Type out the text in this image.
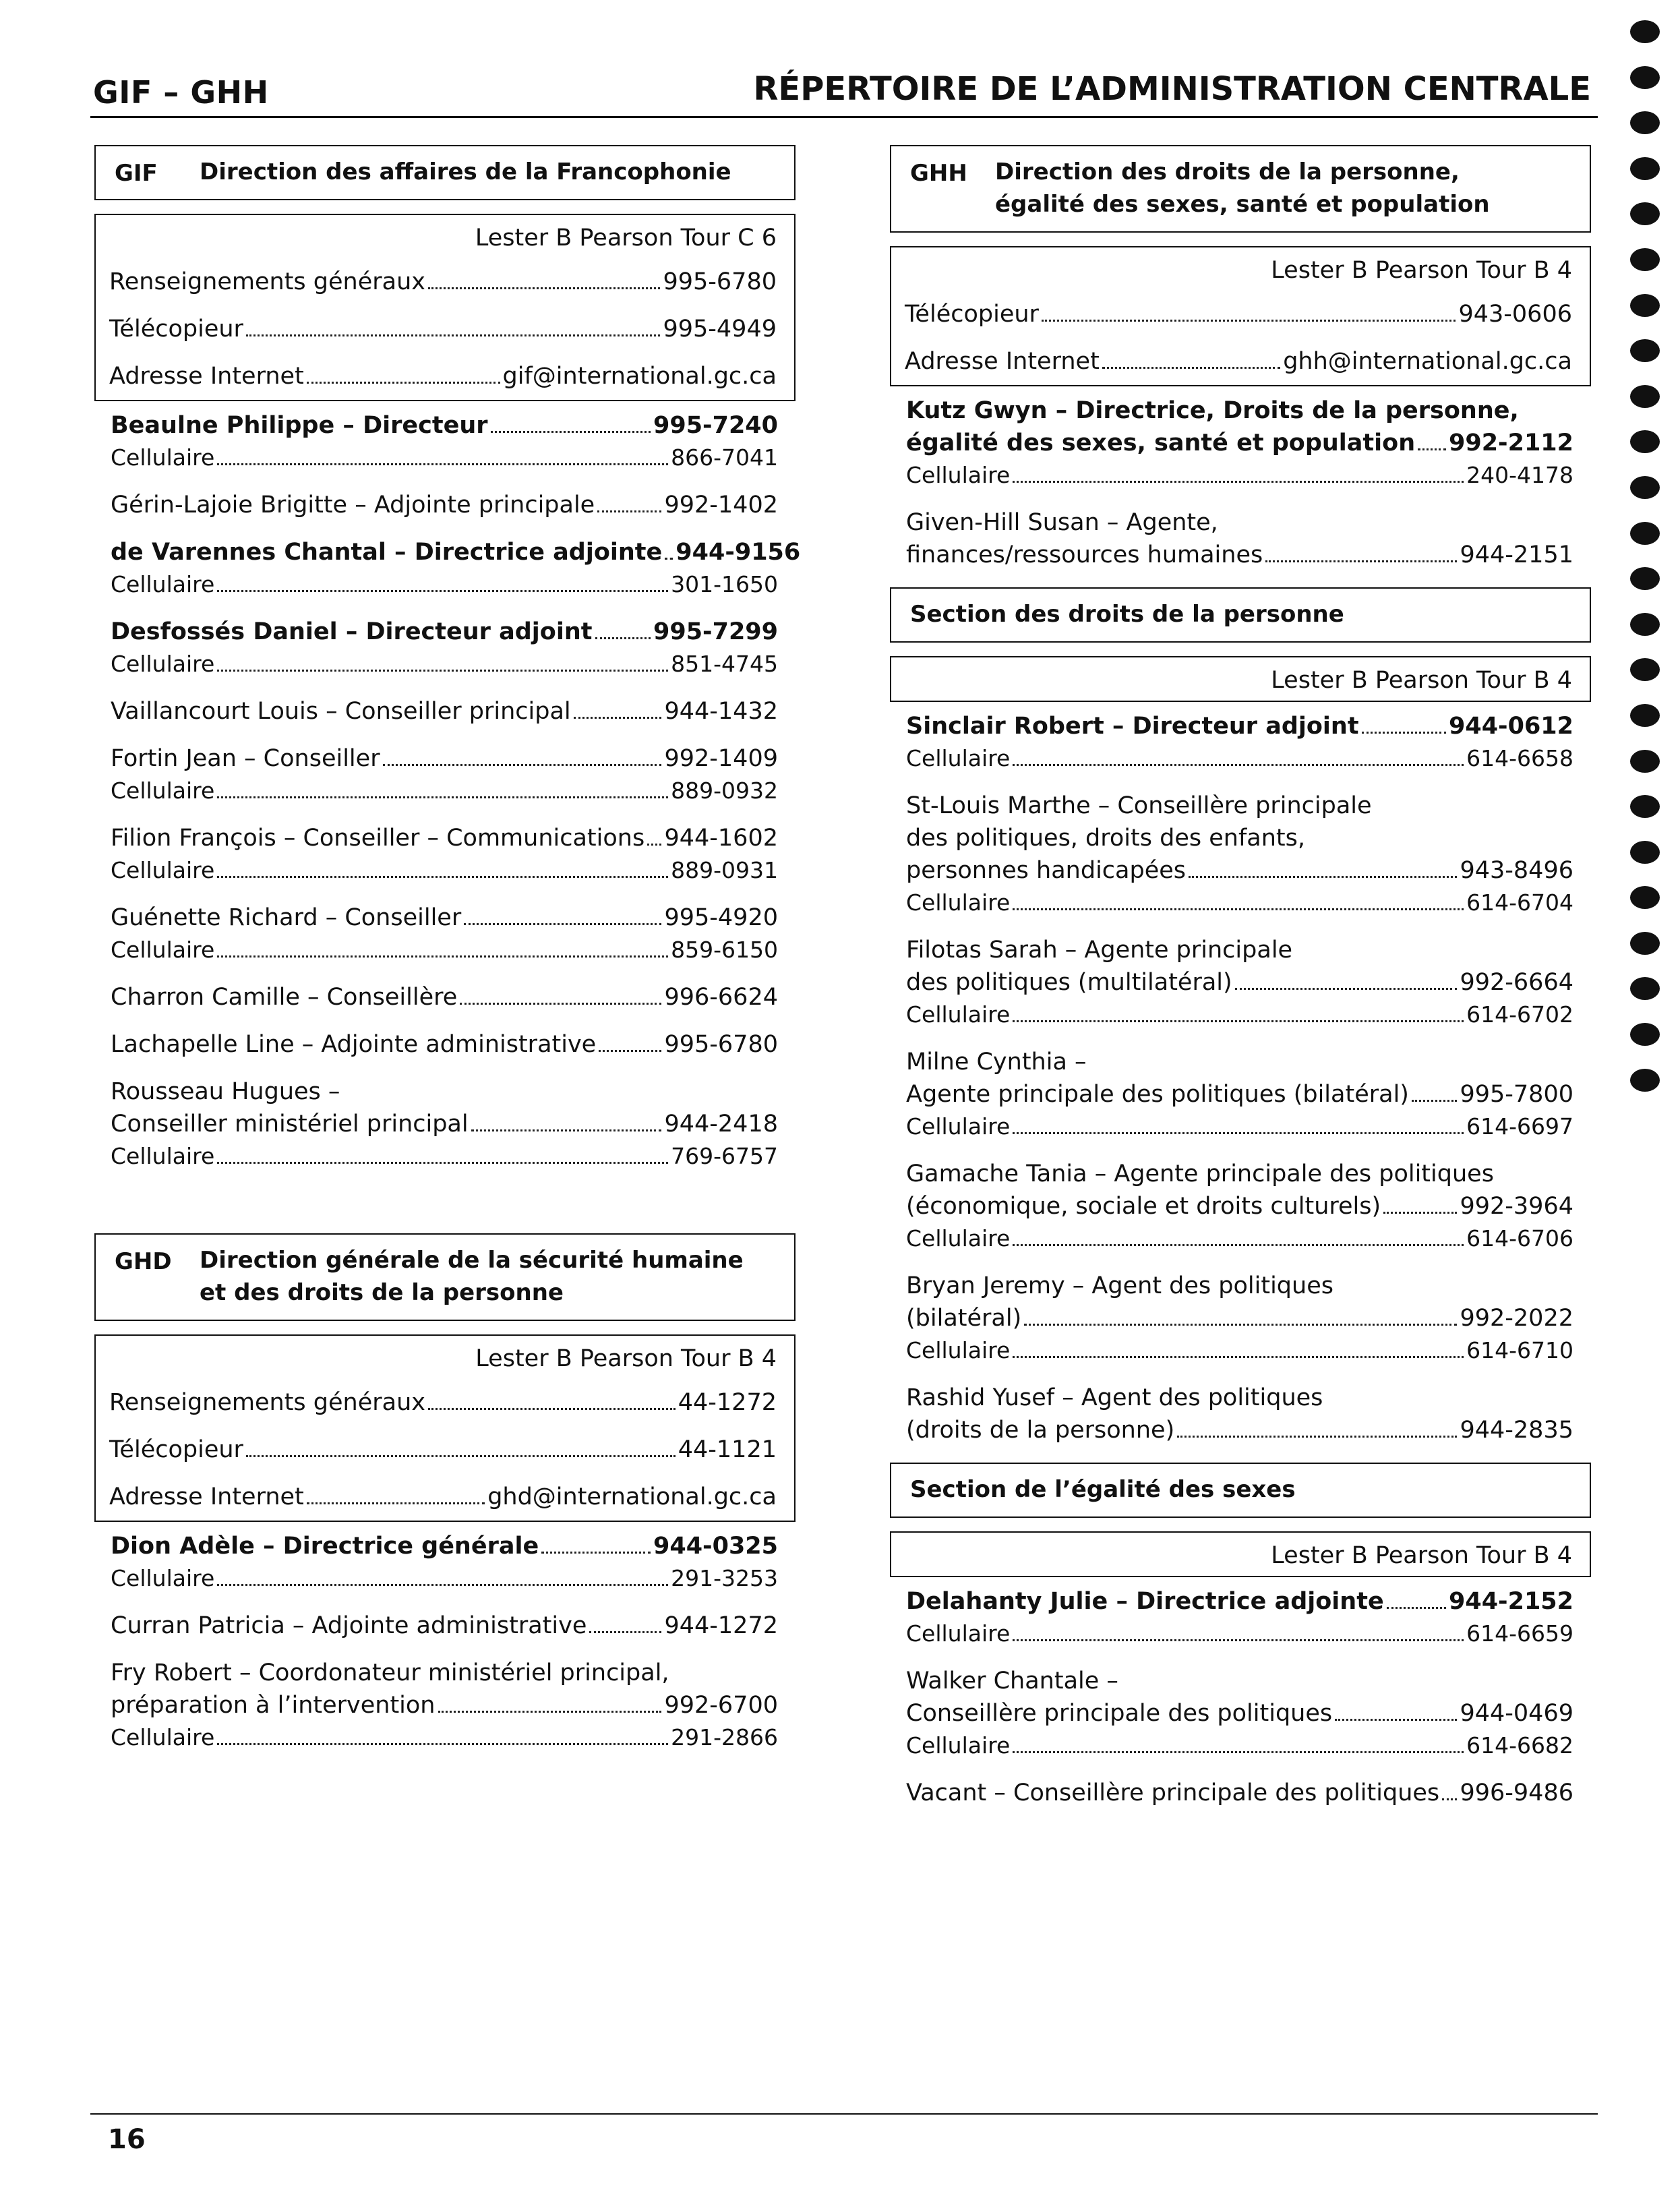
GIF – GHH	RÉPERTOIRE DE L’ADMINISTRATION CENTRALE
GIF	Direction des affaires de la Francophonie
Lester B Pearson Tour C 6
Renseignements généraux	995-6780
Télécopieur	995-4949
Adresse Internet	gif@international.gc.ca
Beaulne Philippe – Directeur	995-7240
Cellulaire	866-7041
Gérin-Lajoie Brigitte – Adjointe principale	992-1402
de Varennes Chantal – Directrice adjointe 944-9156
Cellulaire	301-1650
Desfossés Daniel – Directeur adjoint	995-7299
Cellulaire	851-4745
Vaillancourt Louis – Conseiller principal	944-1432
Fortin Jean – Conseiller	992-1409
Cellulaire	889-0932
Filion François – Conseiller – Communications 944-1602
Cellulaire	889-0931
Guénette Richard – Conseiller	995-4920
Cellulaire	859-6150
Charron Camille – Conseillère	996-6624
Lachapelle Line – Adjointe administrative	995-6780
Rousseau Hugues –
Conseiller ministériel principal	944-2418
Cellulaire	769-6757
GHD	Direction générale de la sécurité humaine
et des droits de la personne
Lester B Pearson Tour B 4
Renseignements généraux	44-1272
Télécopieur	44-1121
Adresse Internet	ghd@international.gc.ca
Dion Adèle – Directrice générale	944-0325
Cellulaire	291-3253
Curran Patricia – Adjointe administrative	944-1272
Fry Robert – Coordonateur ministériel principal,
préparation à l’intervention	992-6700
Cellulaire	291-2866
GHH	Direction des droits de la personne,
égalité des sexes, santé et population
Lester B Pearson Tour B 4
Télécopieur	943-0606
Adresse Internet	ghh@international.gc.ca
Kutz Gwyn – Directrice, Droits de la personne,
égalité des sexes, santé et population 992-2112
Cellulaire	240-4178
Given-Hill Susan – Agente,
finances/ressources humaines	944-2151
Section des droits de la personne
Lester B Pearson Tour B 4
Sinclair Robert – Directeur adjoint	944-0612
Cellulaire	614-6658
St-Louis Marthe – Conseillère principale
des politiques, droits des enfants,
personnes handicapées	943-8496
Cellulaire	614-6704
Filotas Sarah – Agente principale
des politiques (multilatéral)	992-6664
Cellulaire	614-6702
Milne Cynthia –
Agente principale des politiques (bilatéral) 995-7800
Cellulaire	614-6697
Gamache Tania – Agente principale des politiques
(économique, sociale et droits culturels)	992-3964
Cellulaire	614-6706
Bryan Jeremy – Agent des politiques
(bilatéral)	992-2022
Cellulaire	614-6710
Rashid Yusef – Agent des politiques
(droits de la personne)	944-2835
Section de l’égalité des sexes
Lester B Pearson Tour B 4
Delahanty Julie – Directrice adjointe	944-2152
Cellulaire	614-6659
Walker Chantale –
Conseillère principale des politiques	944-0469
Cellulaire	614-6682
Vacant – Conseillère principale des politiques 996-9486
16
